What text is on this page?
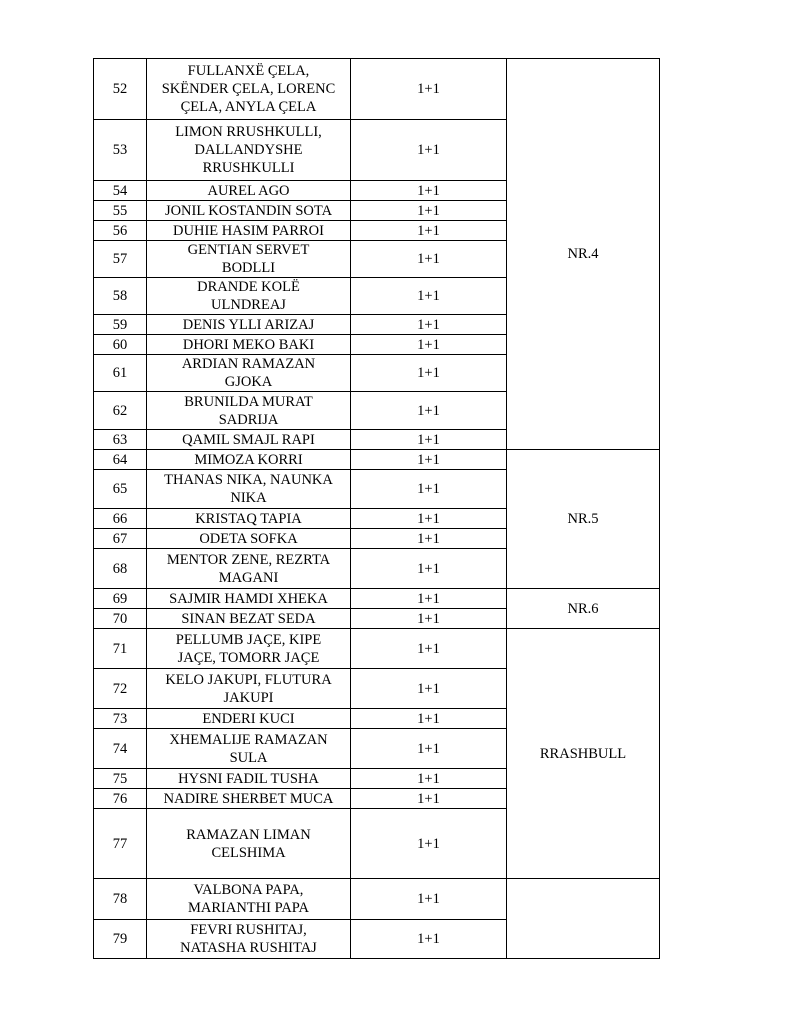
52	FULLANXË ÇELA,
SKËNDER ÇELA, LORENC
ÇELA, ANYLA ÇELA	1+1	NR.4
53	LIMON RRUSHKULLI,
DALLANDYSHE
RRUSHKULLI	1+1	
54	AUREL AGO	1+1	
55	JONIL KOSTANDIN SOTA	1+1	
56	DUHIE HASIM PARROI	1+1	
57	GENTIAN SERVET
BODLLI	1+1	
58	DRANDE KOLË
ULNDREAJ	1+1	
59	DENIS YLLI ARIZAJ	1+1	
60	DHORI MEKO BAKI	1+1	
61	ARDIAN RAMAZAN
GJOKA	1+1	
62	BRUNILDA MURAT
SADRIJA	1+1	
63	QAMIL SMAJL RAPI	1+1	
64	MIMOZA KORRI	1+1	NR.5
65	THANAS NIKA, NAUNKA
NIKA	1+1	
66	KRISTAQ TAPIA	1+1	
67	ODETA SOFKA	1+1	
68	MENTOR ZENE, REZRTA
MAGANI	1+1	
69	SAJMIR HAMDI XHEKA	1+1	NR.6
70	SINAN BEZAT SEDA	1+1	
71	PELLUMB JAÇE, KIPE
JAÇE, TOMORR JAÇE	1+1	RRASHBULL
72	KELO JAKUPI, FLUTURA
JAKUPI	1+1	
73	ENDERI KUCI	1+1	
74	XHEMALIJE RAMAZAN
SULA	1+1	
75	HYSNI FADIL TUSHA	1+1	
76	NADIRE SHERBET MUCA	1+1	
77	RAMAZAN LIMAN
CELSHIMA	1+1	
78	VALBONA PAPA,
MARIANTHI PAPA	1+1	
79	FEVRI RUSHITAJ,
NATASHA RUSHITAJ	1+1	
